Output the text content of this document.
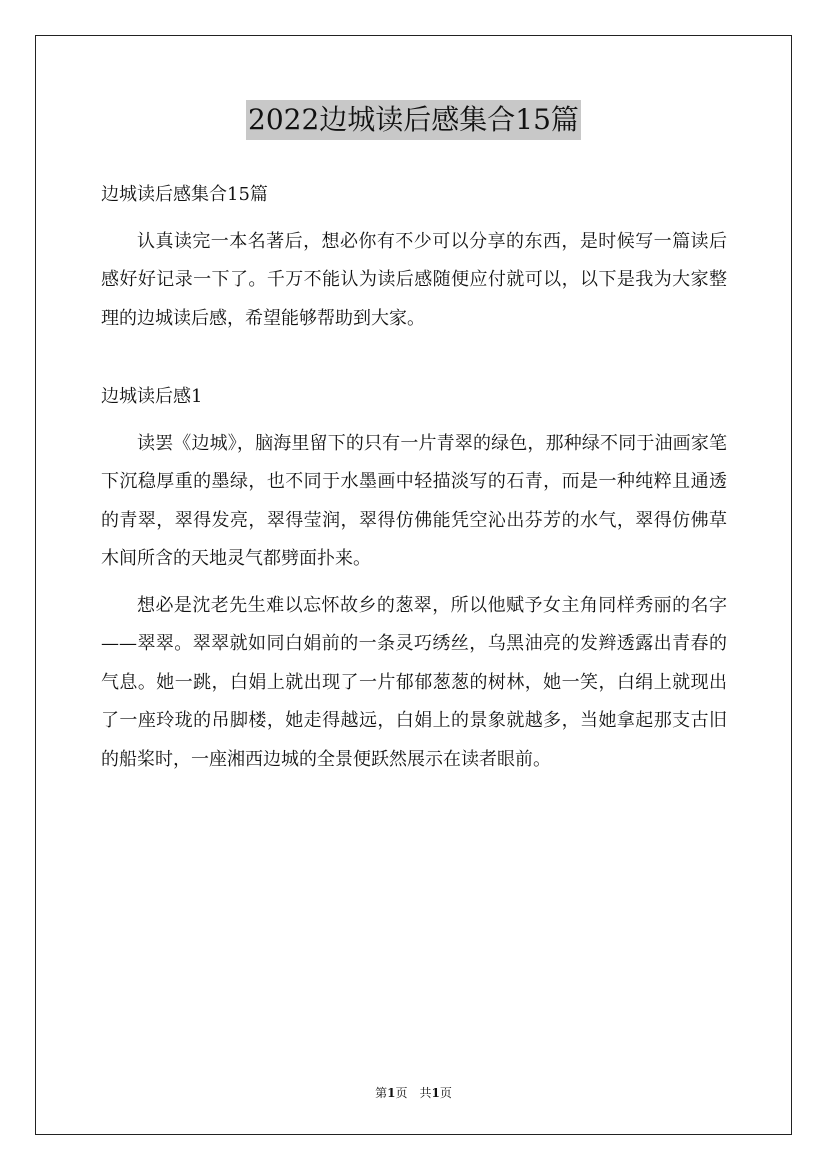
2022边城读后感集合15篇

边城读后感集合15篇

认真读完一本名著后，想必你有不少可以分享的东西，是时候写一篇读后感好好记录一下了。千万不能认为读后感随便应付就可以，以下是我为大家整理的边城读后感，希望能够帮助到大家。

边城读后感1

读罢《边城》，脑海里留下的只有一片青翠的绿色，那种绿不同于油画家笔下沉稳厚重的墨绿，也不同于水墨画中轻描淡写的石青，而是一种纯粹且通透的青翠，翠得发亮，翠得莹润，翠得仿佛能凭空沁出芬芳的水气，翠得仿佛草木间所含的天地灵气都劈面扑来。

想必是沈老先生难以忘怀故乡的葱翠，所以他赋予女主角同样秀丽的名字——翠翠。翠翠就如同白娟前的一条灵巧绣丝，乌黑油亮的发辫透露出青春的气息。她一跳，白娟上就出现了一片郁郁葱葱的树林，她一笑，白绢上就现出了一座玲珑的吊脚楼，她走得越远，白娟上的景象就越多，当她拿起那支古旧的船桨时，一座湘西边城的全景便跃然展示在读者眼前。

第1页　共1页
